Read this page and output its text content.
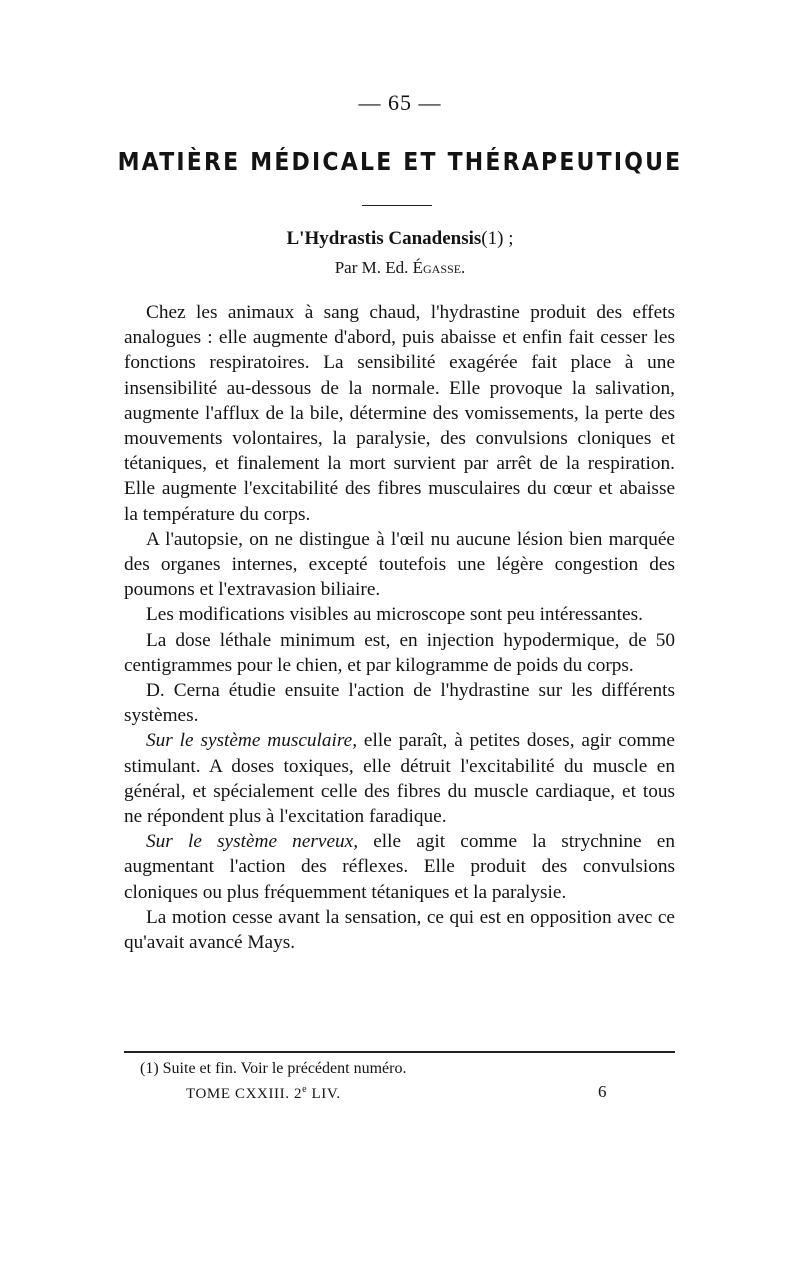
— 65 —
MATIÈRE MÉDICALE ET THÉRAPEUTIQUE
L'Hydrastis Canadensis(1) ;
Par M. Ed. Égasse.

Chez les animaux à sang chaud, l'hydrastine produit des effets analogues : elle augmente d'abord, puis abaisse et enfin fait cesser les fonctions respiratoires. La sensibilité exagérée fait place à une insensibilité au-dessous de la normale. Elle provoque la salivation, augmente l'afflux de la bile, détermine des vomissements, la perte des mouvements volontaires, la paralysie, des convulsions cloniques et tétaniques, et finalement la mort survient par arrêt de la respiration. Elle augmente l'excitabilité des fibres musculaires du cœur et abaisse la température du corps.

A l'autopsie, on ne distingue à l'œil nu aucune lésion bien marquée des organes internes, excepté toutefois une légère congestion des poumons et l'extravasion biliaire.

Les modifications visibles au microscope sont peu intéressantes.

La dose léthale minimum est, en injection hypodermique, de 50 centigrammes pour le chien, et par kilogramme de poids du corps.

D. Cerna étudie ensuite l'action de l'hydrastine sur les différents systèmes.

Sur le système musculaire, elle paraît, à petites doses, agir comme stimulant. A doses toxiques, elle détruit l'excitabilité du muscle en général, et spécialement celle des fibres du muscle cardiaque, et tous ne répondent plus à l'excitation faradique.

Sur le système nerveux, elle agit comme la strychnine en augmentant l'action des réflexes. Elle produit des convulsions cloniques ou plus fréquemment tétaniques et la paralysie.

La motion cesse avant la sensation, ce qui est en opposition avec ce qu'avait avancé Mays.

(1) Suite et fin. Voir le précédent numéro.
TOME CXXIII. 2e LIV.	6
